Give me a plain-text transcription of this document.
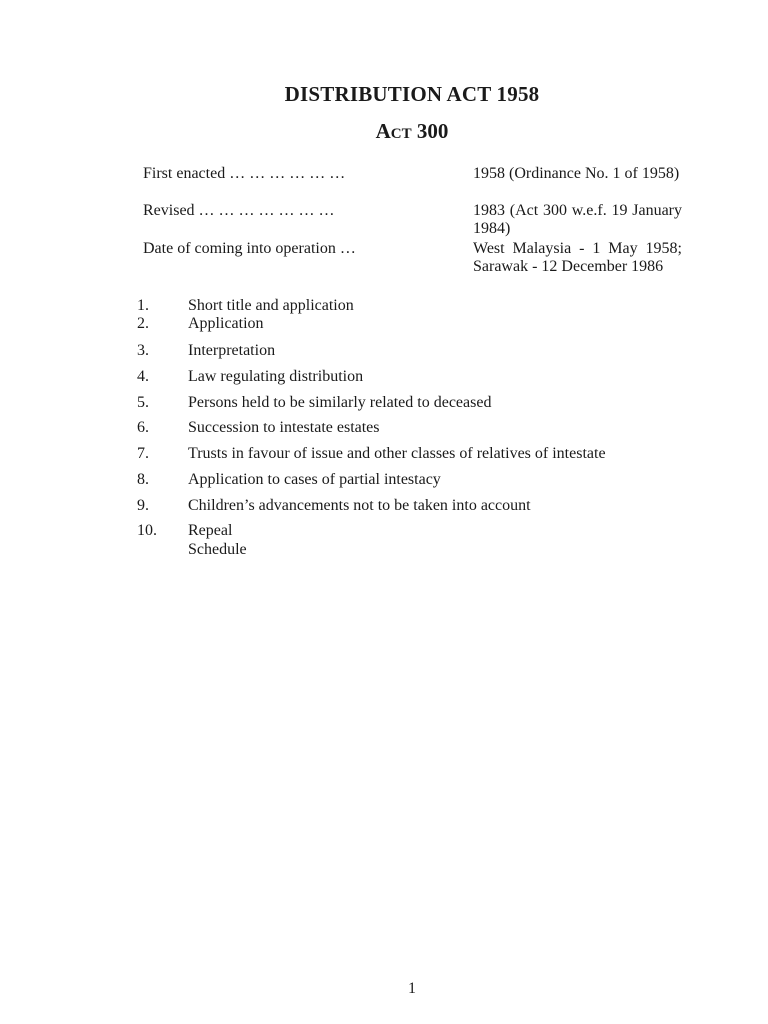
DISTRIBUTION ACT 1958
ACT 300
First enacted … … … … … …	1958 (Ordinance No. 1 of 1958)
Revised … … … … … … …	1983 (Act 300 w.e.f. 19 January 1984)
Date of coming into operation …	West Malaysia - 1 May 1958; Sarawak - 12 December 1986
1. Short title and application
2. Application
3. Interpretation
4. Law regulating distribution
5. Persons held to be similarly related to deceased
6. Succession to intestate estates
7. Trusts in favour of issue and other classes of relatives of intestate
8. Application to cases of partial intestacy
9. Children’s advancements not to be taken into account
10. Repeal
Schedule
1
